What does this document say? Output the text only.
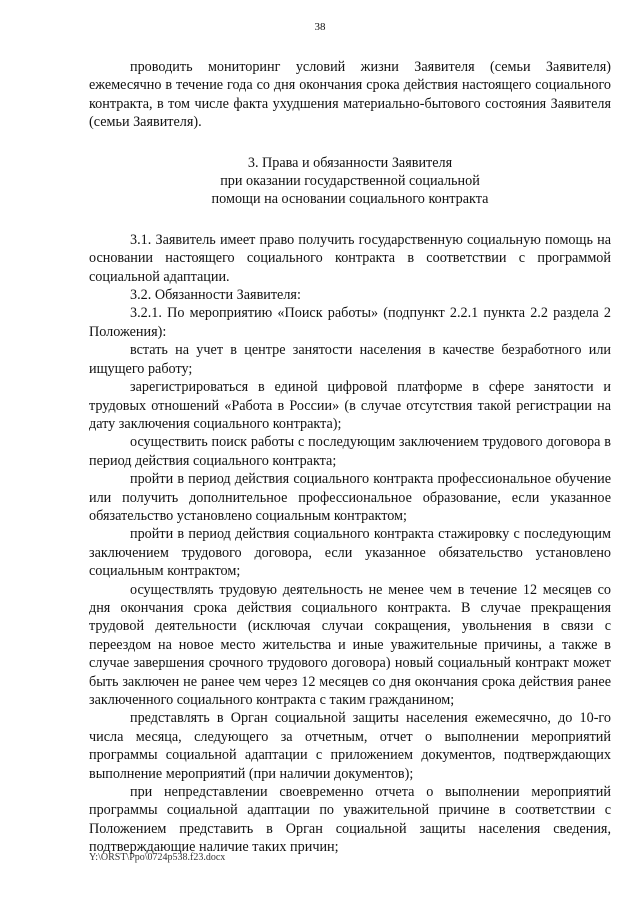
38

проводить мониторинг условий жизни Заявителя (семьи Заявителя) ежемесячно в течение года со дня окончания срока действия настоящего социального контракта, в том числе факта ухудшения материально-бытового состояния Заявителя (семьи Заявителя).

3. Права и обязанности Заявителя
при оказании государственной социальной
помощи на основании социального контракта

3.1. Заявитель имеет право получить государственную социальную помощь на основании настоящего социального контракта в соответствии с программой социальной адаптации.

3.2. Обязанности Заявителя:

3.2.1. По мероприятию «Поиск работы» (подпункт 2.2.1 пункта 2.2 раздела 2 Положения):

встать на учет в центре занятости населения в качестве безработного или ищущего работу;

зарегистрироваться в единой цифровой платформе в сфере занятости и трудовых отношений «Работа в России» (в случае отсутствия такой регистрации на дату заключения социального контракта);

осуществить поиск работы с последующим заключением трудового договора в период действия социального контракта;

пройти в период действия социального контракта профессиональное обучение или получить дополнительное профессиональное образование, если указанное обязательство установлено социальным контрактом;

пройти в период действия социального контракта стажировку с последующим заключением трудового договора, если указанное обязательство установлено социальным контрактом;

осуществлять трудовую деятельность не менее чем в течение 12 месяцев со дня окончания срока действия социального контракта. В случае прекращения трудовой деятельности (исключая случаи сокращения, увольнения в связи с переездом на новое место жительства и иные уважительные причины, а также в случае завершения срочного трудового договора) новый социальный контракт может быть заключен не ранее чем через 12 месяцев со дня окончания срока действия ранее заключенного социального контракта с таким гражданином;

представлять в Орган социальной защиты населения ежемесячно, до 10-го числа месяца, следующего за отчетным, отчет о выполнении мероприятий программы социальной адаптации с приложением документов, подтверждающих выполнение мероприятий (при наличии документов);

при непредставлении своевременно отчета о выполнении мероприятий программы социальной адаптации по уважительной причине в соответствии с Положением представить в Орган социальной защиты населения сведения, подтверждающие наличие таких причин;

Y:\ORST\Ppo\0724p538.f23.docx
